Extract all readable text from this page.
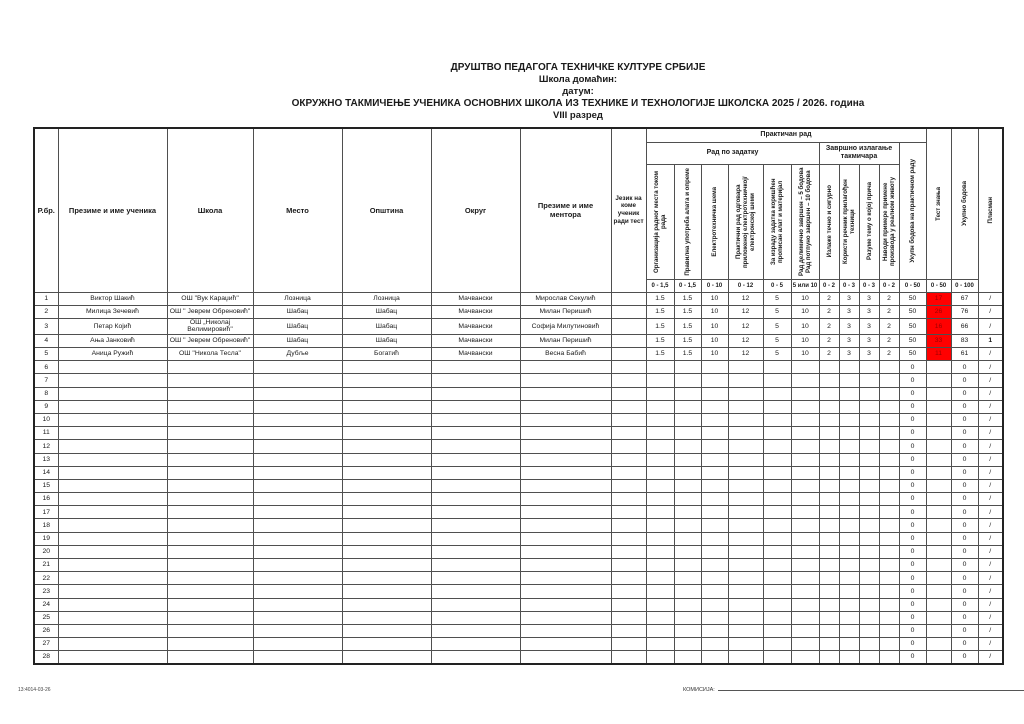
ДРУШТВО ПЕДАГОГА ТЕХНИЧКЕ КУЛТУРЕ СРБИЈЕ
Школа домаћин:
датум:
ОКРУЖНО ТАКМИЧЕЊЕ УЧЕНИКА ОСНОВНИХ ШКОЛА ИЗ ТЕХНИКЕ И ТЕХНОЛОГИЈЕ ШКОЛСКА 2025 / 2026. година
VIII разред
Р.бр.	Презиме и име ученика	Школа	Место	Општина	Округ	Презиме и име ментора	Језик на коме ученик ради тест	Практичан рад											Тест знања	Укупно бодова	Пласман

								Рад по задатку						Завршно излагање такмичара				Укупн бодова на практичном раду			

								Организација радног места током рада	Правилна употреба алата и опреме	Електротехничка шема	Практични рад одговара приложеној електротехничкој/електронској шеми	За израду задатка коришћен прописан алат и материјал	Рад делимично завршен – 5 бодова Рад потпуно завршен – 10 бодова	Излаже течно и сигурно	Користи речник прилагођен техници	Разуме тему о којој прича	Наводи примере примене производа у реалном животу				

								0 - 1,5	0 - 1,5	0 - 10	0 - 12	0 - 5	5 или 10	0 - 2	0 - 3	0 - 3	0 - 2	0 - 50	0 - 50	0 - 100	
1	Виктор Шакић	ОШ "Вук Караџић"	Лозница	Лозница	Мачвански	Мирослав Секулић		1.5	1.5	10	12	5	10	2	3	3	2	50	17	67	/
2	Милица Зечевић	ОШ " Јеврем Обреновић"	Шабац	Шабац	Мачвански	Милан Перишић		1.5	1.5	10	12	5	10	2	3	3	2	50	26	76	/
3	Петар Којић	ОШ „Николај Велимировић"	Шабац	Шабац	Мачвански	Софија Милутиновић		1.5	1.5	10	12	5	10	2	3	3	2	50	16	66	/
4	Ања Јанковић	ОШ " Јеврем Обреновић"	Шабац	Шабац	Мачвански	Милан Перишић		1.5	1.5	10	12	5	10	2	3	3	2	50	33	83	1
5	Аница Ружић	ОШ "Никола Тесла"	Дубље	Богатић	Мачвански	Весна Бабић		1.5	1.5	10	12	5	10	2	3	3	2	50	11	61	/
6																		0		0	/
7																		0		0	/
8																		0		0	/
9																		0		0	/
10																		0		0	/
11																		0		0	/
12																		0		0	/
13																		0		0	/
14																		0		0	/
15																		0		0	/
16																		0		0	/
17																		0		0	/
18																		0		0	/
19																		0		0	/
20																		0		0	/
21																		0		0	/
22																		0		0	/
23																		0		0	/
24																		0		0	/
25																		0		0	/
26																		0		0	/
27																		0		0	/
28																		0		0	/
13:4014-03-26	КОМИСИЈА:
